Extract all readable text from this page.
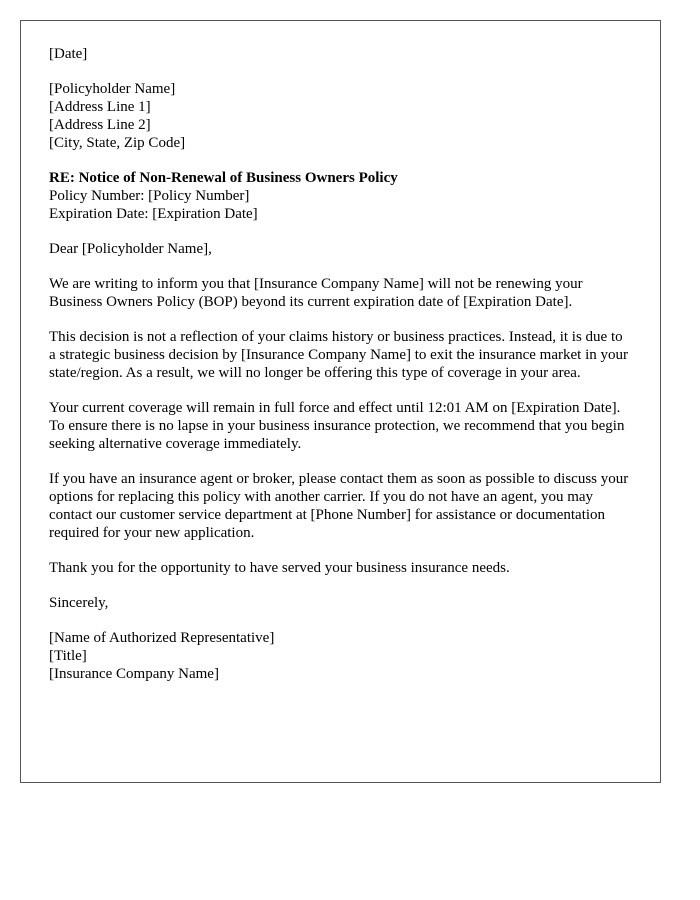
[Date]

[Policyholder Name]
[Address Line 1]
[Address Line 2]
[City, State, Zip Code]

RE: Notice of Non-Renewal of Business Owners Policy
Policy Number: [Policy Number]
Expiration Date: [Expiration Date]

Dear [Policyholder Name],

We are writing to inform you that [Insurance Company Name] will not be renewing your Business Owners Policy (BOP) beyond its current expiration date of [Expiration Date].

This decision is not a reflection of your claims history or business practices. Instead, it is due to a strategic business decision by [Insurance Company Name] to exit the insurance market in your state/region. As a result, we will no longer be offering this type of coverage in your area.

Your current coverage will remain in full force and effect until 12:01 AM on [Expiration Date]. To ensure there is no lapse in your business insurance protection, we recommend that you begin seeking alternative coverage immediately.

If you have an insurance agent or broker, please contact them as soon as possible to discuss your options for replacing this policy with another carrier. If you do not have an agent, you may contact our customer service department at [Phone Number] for assistance or documentation required for your new application.

Thank you for the opportunity to have served your business insurance needs.

Sincerely,

[Name of Authorized Representative]
[Title]
[Insurance Company Name]
